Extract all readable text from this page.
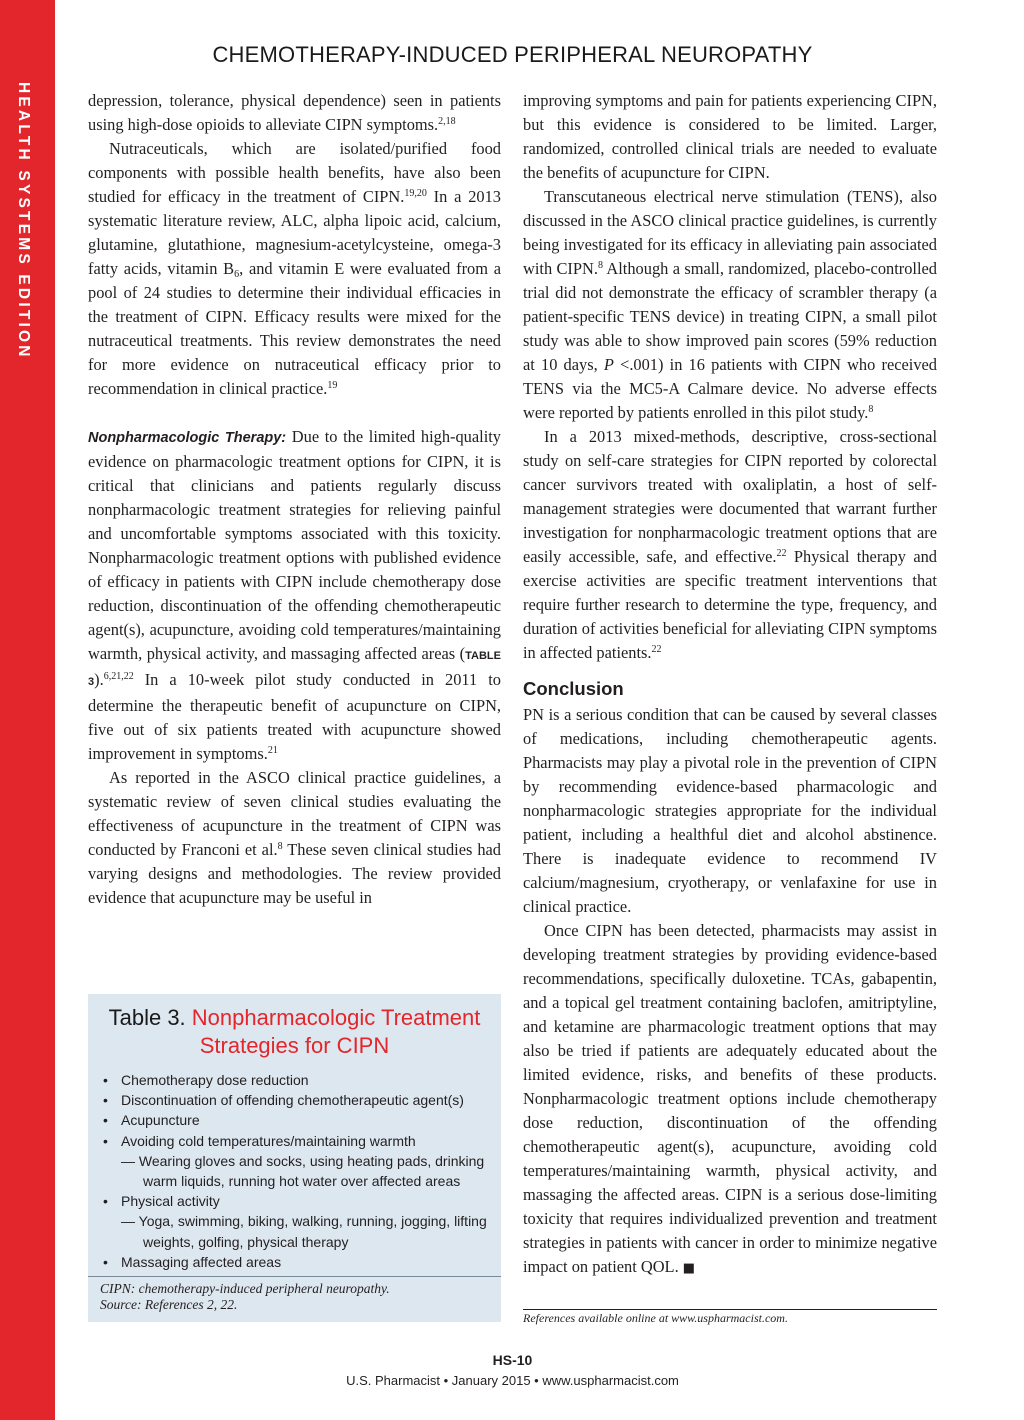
HEALTH SYSTEMS EDITION
CHEMOTHERAPY-INDUCED PERIPHERAL NEUROPATHY

depression, tolerance, physical dependence) seen in patients using high-dose opioids to alleviate CIPN symptoms.$^{2,18}$

Nutraceuticals, which are isolated/purified food components with possible health benefits, have also been studied for efficacy in the treatment of CIPN.$^{19,20}$ In a 2013 systematic literature review, ALC, alpha lipoic acid, calcium, glutamine, glutathione, magnesium-acetylcysteine, omega-3 fatty acids, vitamin $B_6$, and vitamin E were evaluated from a pool of 24 studies to determine their individual efficacies in the treatment of CIPN. Efficacy results were mixed for the nutraceutical treatments. This review demonstrates the need for more evidence on nutraceutical efficacy prior to recommendation in clinical practice.$^{19}$

Nonpharmacologic Therapy: Due to the limited high-quality evidence on pharmacologic treatment options for CIPN, it is critical that clinicians and patients regularly discuss nonpharmacologic treatment strategies for relieving painful and uncomfortable symptoms associated with this toxicity. Nonpharmacologic treatment options with published evidence of efficacy in patients with CIPN include chemotherapy dose reduction, discontinuation of the offending chemotherapeutic agent(s), acupuncture, avoiding cold temperatures/maintaining warmth, physical activity, and massaging affected areas (TABLE 3).$^{6,21,22}$ In a 10-week pilot study conducted in 2011 to determine the therapeutic benefit of acupuncture on CIPN, five out of six patients treated with acupuncture showed improvement in symptoms.$^{21}$

As reported in the ASCO clinical practice guidelines, a systematic review of seven clinical studies evaluating the effectiveness of acupuncture in the treatment of CIPN was conducted by Franconi et al.$^8$ These seven clinical studies had varying designs and methodologies. The review provided evidence that acupuncture may be useful in

Table 3. Nonpharmacologic Treatment Strategies for CIPN
• Chemotherapy dose reduction
• Discontinuation of offending chemotherapeutic agent(s)
• Acupuncture
• Avoiding cold temperatures/maintaining warmth
— Wearing gloves and socks, using heating pads, drinking warm liquids, running hot water over affected areas
• Physical activity
— Yoga, swimming, biking, walking, running, jogging, lifting weights, golfing, physical therapy
• Massaging affected areas
CIPN: chemotherapy-induced peripheral neuropathy.
Source: References 2, 22.

improving symptoms and pain for patients experiencing CIPN, but this evidence is considered to be limited. Larger, randomized, controlled clinical trials are needed to evaluate the benefits of acupuncture for CIPN.

Transcutaneous electrical nerve stimulation (TENS), also discussed in the ASCO clinical practice guidelines, is currently being investigated for its efficacy in alleviating pain associated with CIPN.$^8$ Although a small, randomized, placebo-controlled trial did not demonstrate the efficacy of scrambler therapy (a patient-specific TENS device) in treating CIPN, a small pilot study was able to show improved pain scores (59% reduction at 10 days, P <.001) in 16 patients with CIPN who received TENS via the MC5-A Calmare device. No adverse effects were reported by patients enrolled in this pilot study.$^8$

In a 2013 mixed-methods, descriptive, cross-sectional study on self-care strategies for CIPN reported by colorectal cancer survivors treated with oxaliplatin, a host of self-management strategies were documented that warrant further investigation for nonpharmacologic treatment options that are easily accessible, safe, and effective.$^{22}$ Physical therapy and exercise activities are specific treatment interventions that require further research to determine the type, frequency, and duration of activities beneficial for alleviating CIPN symptoms in affected patients.$^{22}$

Conclusion

PN is a serious condition that can be caused by several classes of medications, including chemotherapeutic agents. Pharmacists may play a pivotal role in the prevention of CIPN by recommending evidence-based pharmacologic and nonpharmacologic strategies appropriate for the individual patient, including a healthful diet and alcohol abstinence. There is inadequate evidence to recommend IV calcium/magnesium, cryotherapy, or venlafaxine for use in clinical practice.

Once CIPN has been detected, pharmacists may assist in developing treatment strategies by providing evidence-based recommendations, specifically duloxetine. TCAs, gabapentin, and a topical gel treatment containing baclofen, amitriptyline, and ketamine are pharmacologic treatment options that may also be tried if patients are adequately educated about the limited evidence, risks, and benefits of these products. Nonpharmacologic treatment options include chemotherapy dose reduction, discontinuation of the offending chemotherapeutic agent(s), acupuncture, avoiding cold temperatures/maintaining warmth, physical activity, and massaging the affected areas. CIPN is a serious dose-limiting toxicity that requires individualized prevention and treatment strategies in patients with cancer in order to minimize negative impact on patient QOL. ■

References available online at www.uspharmacist.com.
HS-10
U.S. Pharmacist • January 2015 • www.uspharmacist.com
